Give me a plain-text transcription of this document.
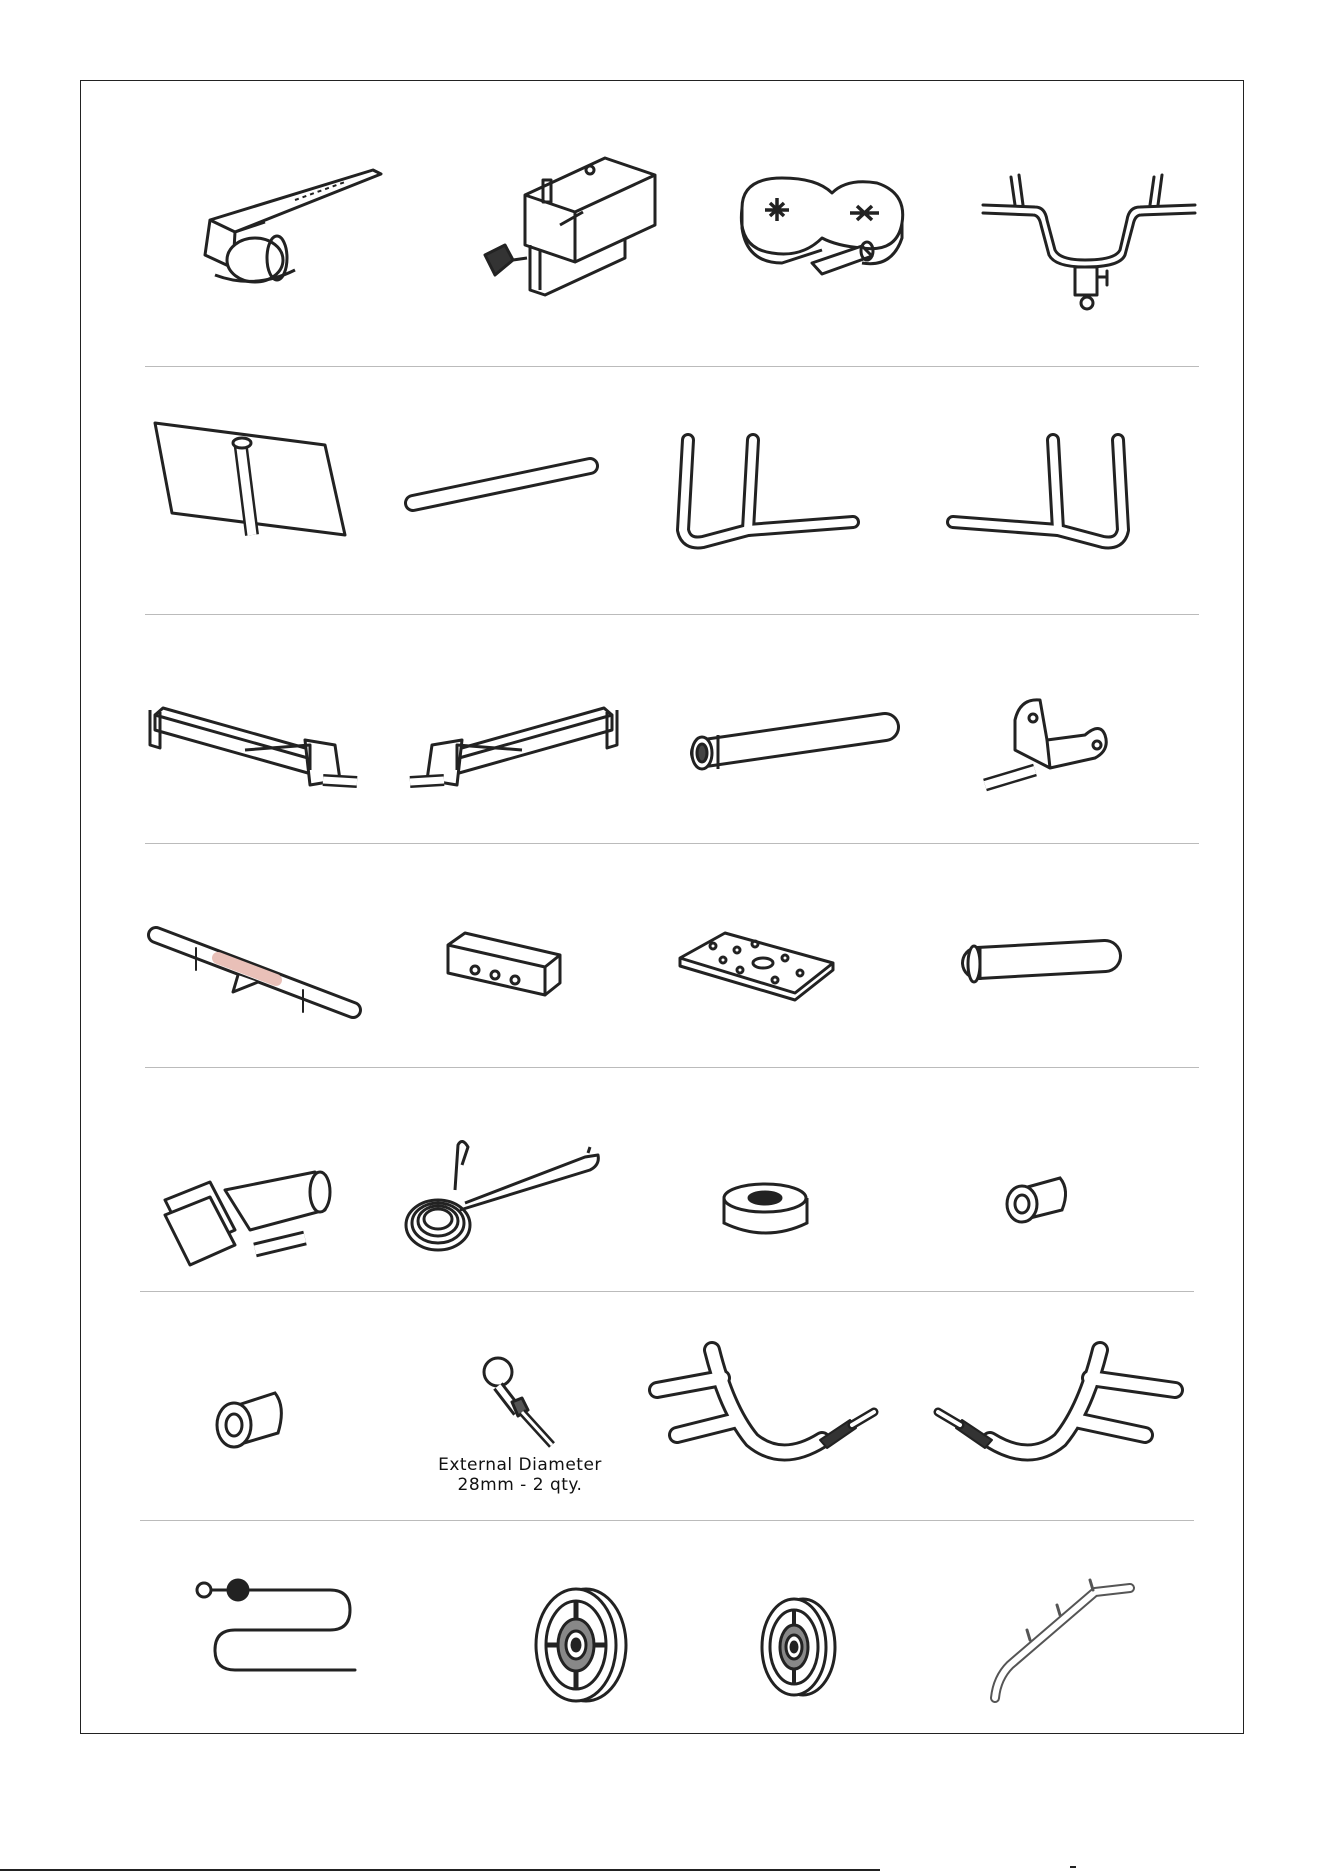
External Diameter
28mm - 2 qty.
